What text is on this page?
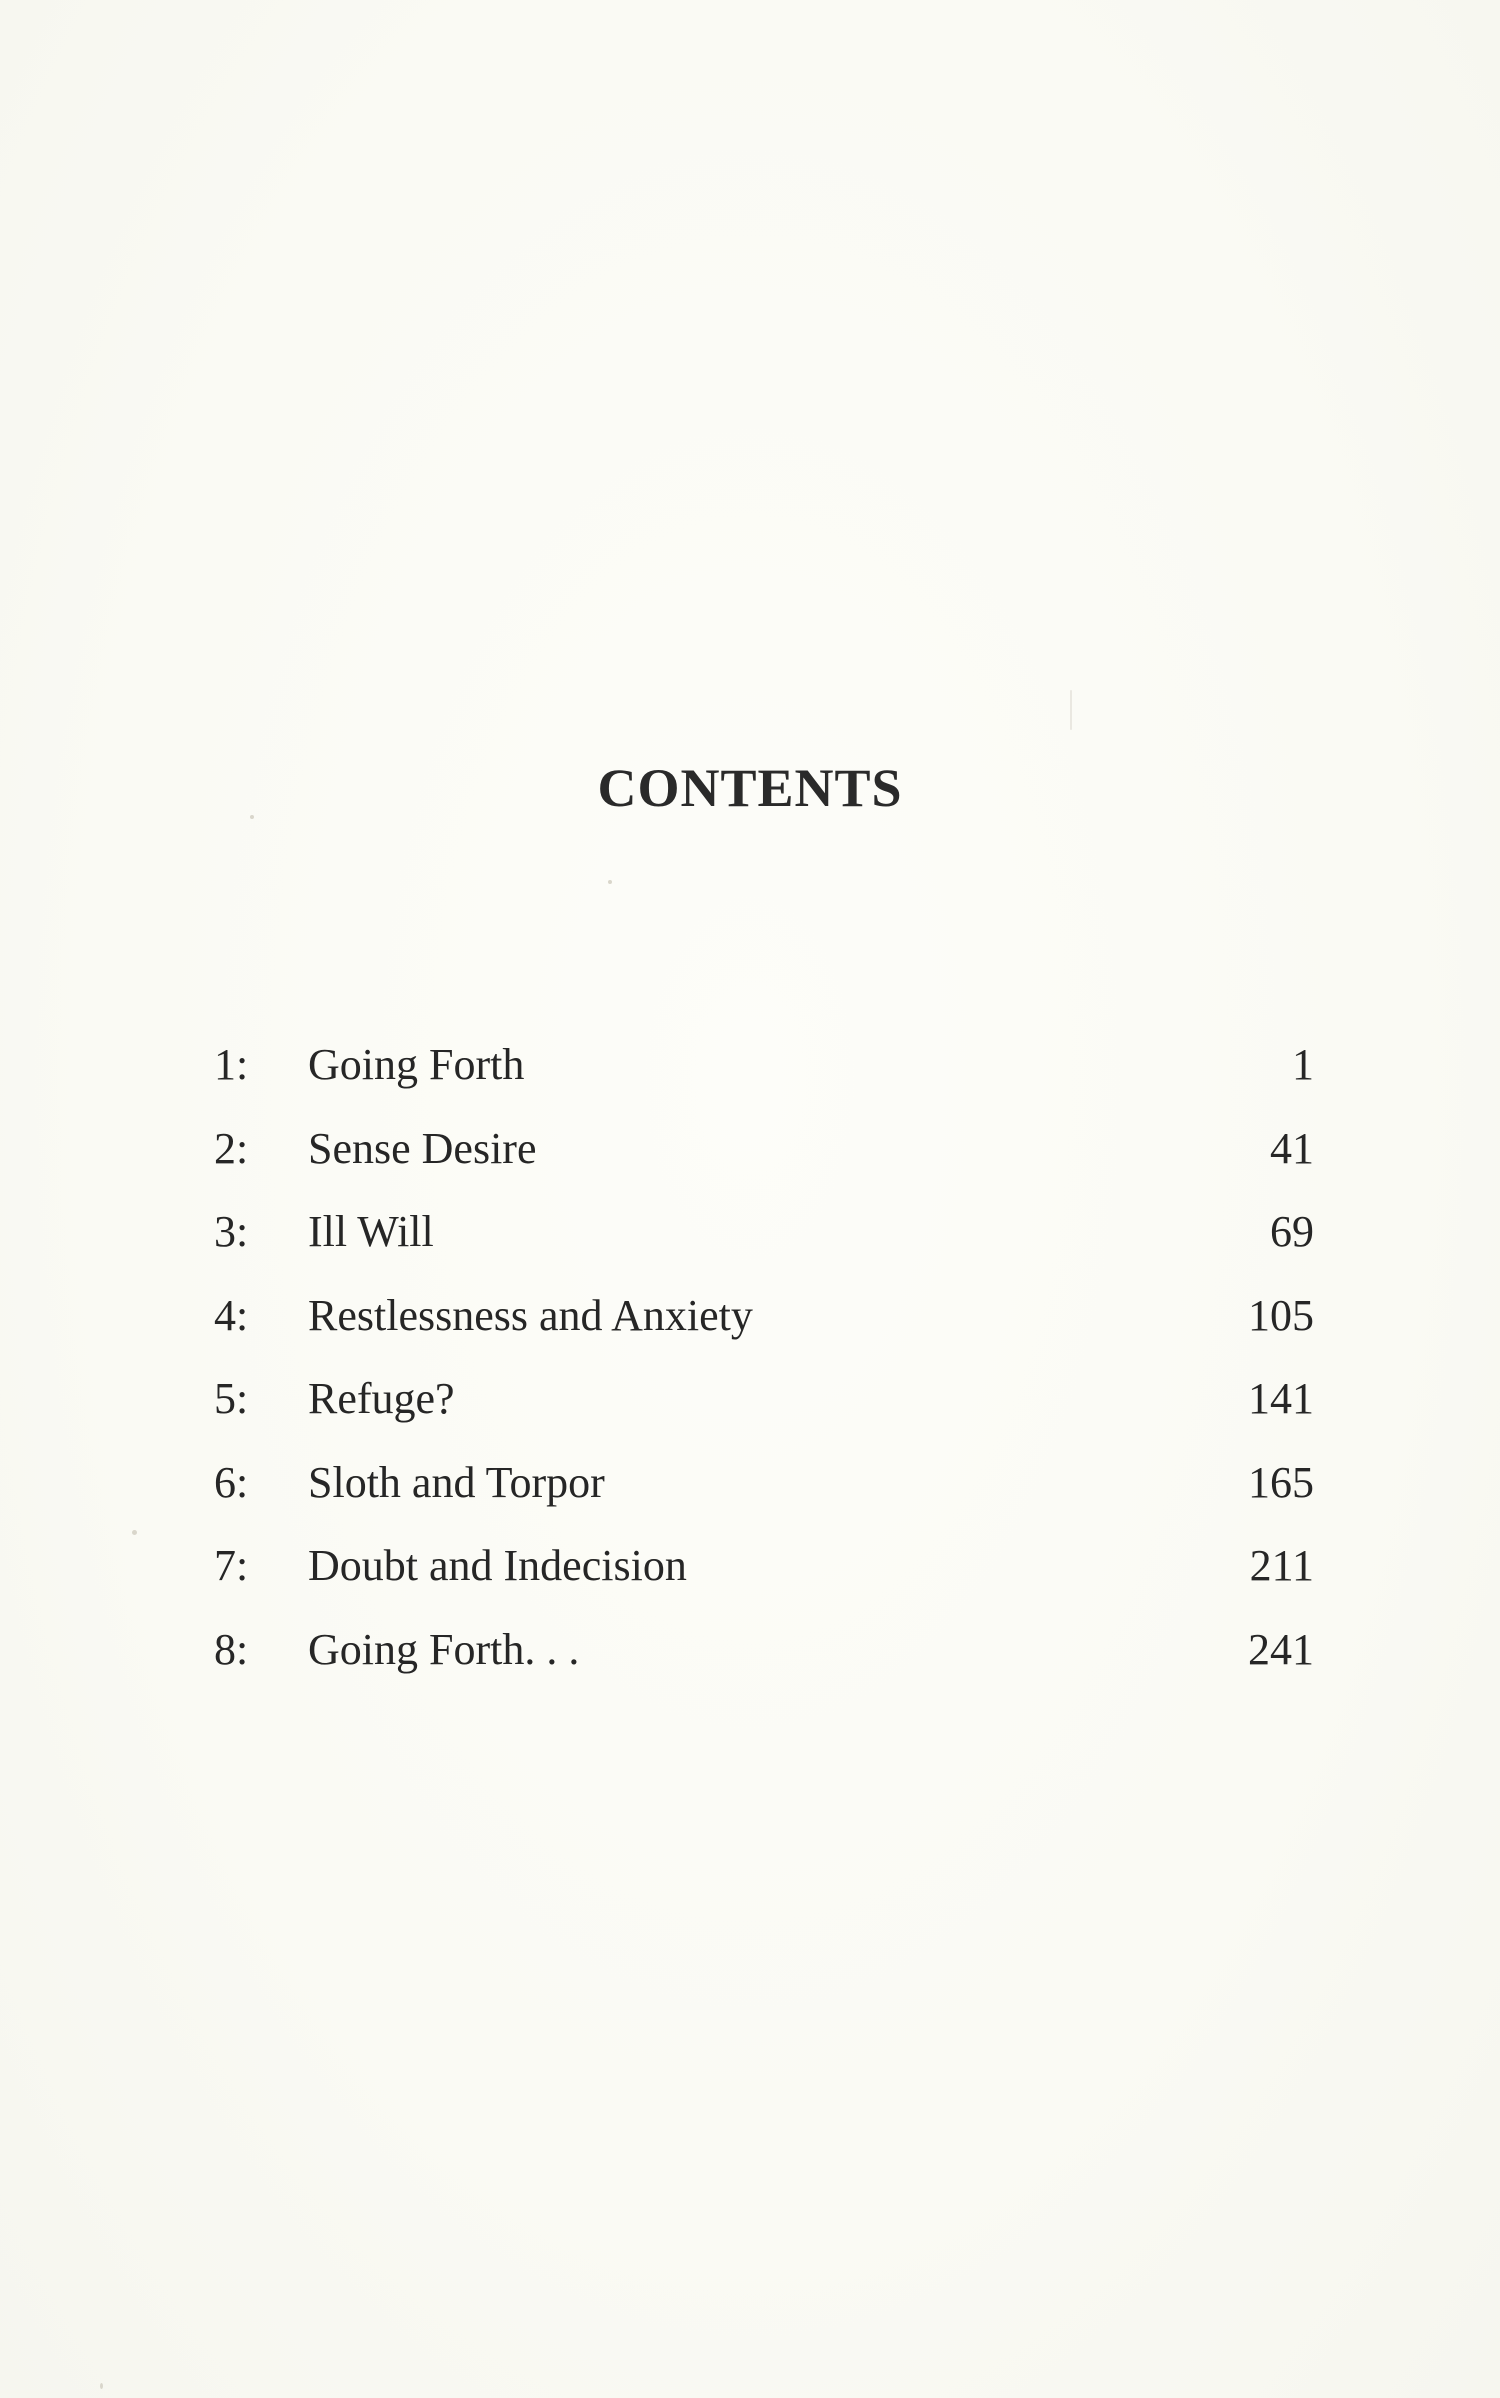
CONTENTS
1:	Going Forth	1
2:	Sense Desire	41
3:	Ill Will	69
4:	Restlessness and Anxiety	105
5:	Refuge?	141
6:	Sloth and Torpor	165
7:	Doubt and Indecision	211
8:	Going Forth. . .	241
